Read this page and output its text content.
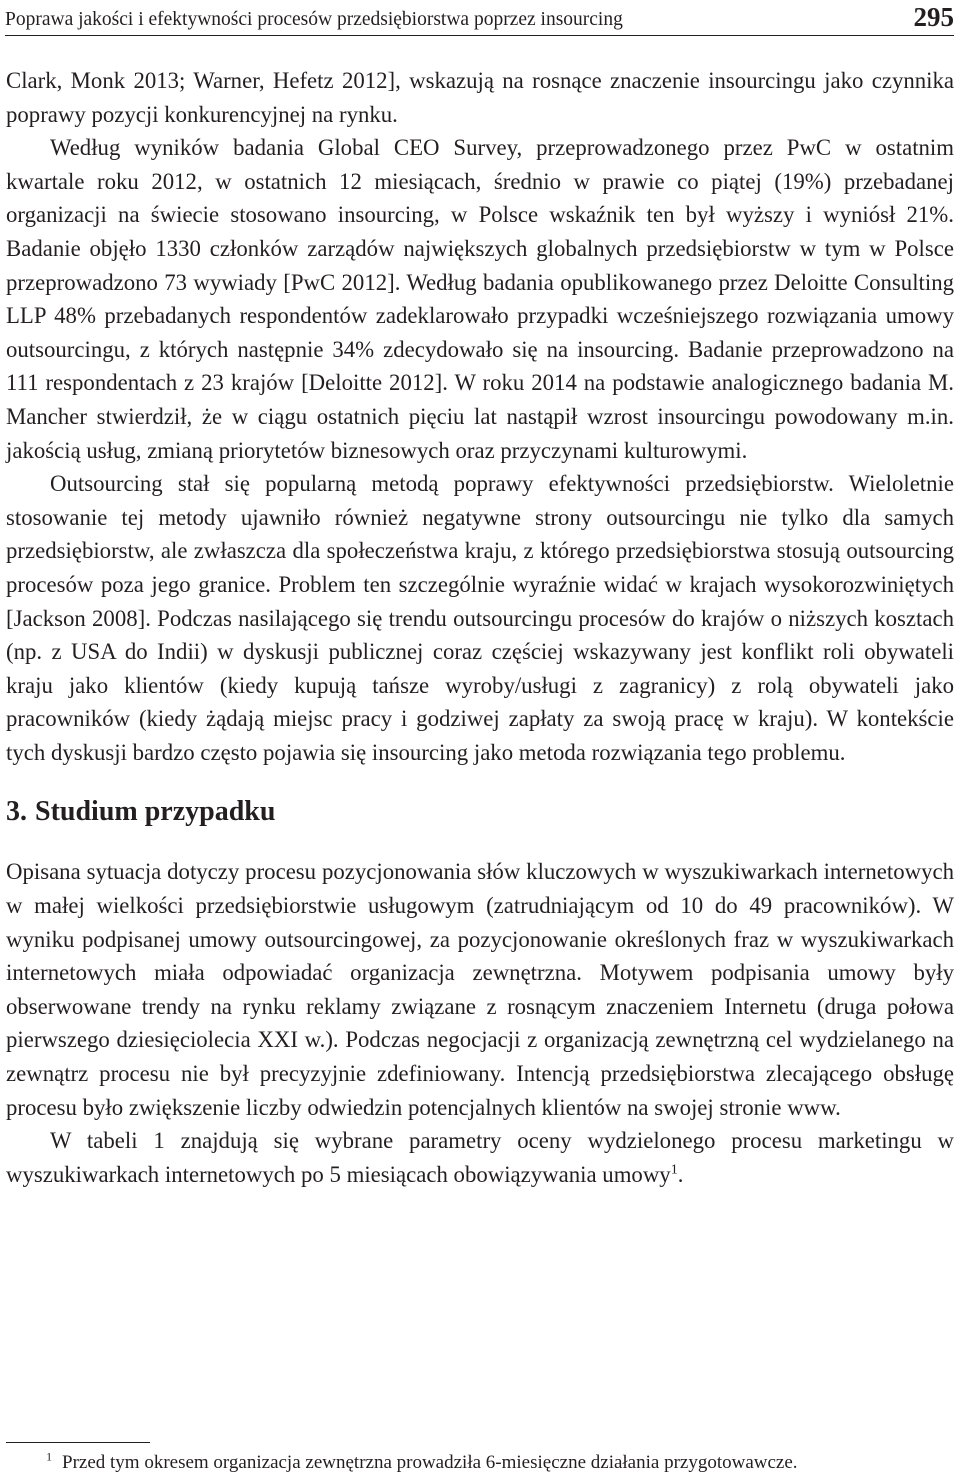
Poprawa jakości i efektywności procesów przedsiębiorstwa poprzez insourcing	295

Clark, Monk 2013; Warner, Hefetz 2012], wskazują na rosnące znaczenie insourcingu jako czynnika poprawy pozycji konkurencyjnej na rynku.

Według wyników badania Global CEO Survey, przeprowadzonego przez PwC w ostatnim kwartale roku 2012, w ostatnich 12 miesiącach, średnio w prawie co piątej (19%) przebadanej organizacji na świecie stosowano insourcing, w Polsce wskaźnik ten był wyższy i wyniósł 21%. Badanie objęło 1330 członków zarządów największych globalnych przedsiębiorstw w tym w Polsce przeprowadzono 73 wywiady [PwC 2012]. Według badania opublikowanego przez Deloitte Consulting LLP 48% przebadanych respondentów zadeklarowało przypadki wcześniejszego rozwiązania umowy outsourcingu, z których następnie 34% zdecydowało się na insourcing. Badanie przeprowadzono na 111 respondentach z 23 krajów [Deloitte 2012]. W roku 2014 na podstawie analogicznego badania M. Mancher stwierdził, że w ciągu ostatnich pięciu lat nastąpił wzrost insourcingu powodowany m.in. jakością usług, zmianą priorytetów biznesowych oraz przyczynami kulturowymi.

Outsourcing stał się popularną metodą poprawy efektywności przedsiębiorstw. Wieloletnie stosowanie tej metody ujawniło również negatywne strony outsourcingu nie tylko dla samych przedsiębiorstw, ale zwłaszcza dla społeczeństwa kraju, z którego przedsiębiorstwa stosują outsourcing procesów poza jego granice. Problem ten szczególnie wyraźnie widać w krajach wysokorozwiniętych [Jackson 2008]. Podczas nasilającego się trendu outsourcingu procesów do krajów o niższych kosztach (np. z USA do Indii) w dyskusji publicznej coraz częściej wskazywany jest konflikt roli obywateli kraju jako klientów (kiedy kupują tańsze wyroby/usługi z zagranicy) z rolą obywateli jako pracowników (kiedy żądają miejsc pracy i godziwej zapłaty za swoją pracę w kraju). W kontekście tych dyskusji bardzo często pojawia się insourcing jako metoda rozwiązania tego problemu.

3. Studium przypadku

Opisana sytuacja dotyczy procesu pozycjonowania słów kluczowych w wyszukiwarkach internetowych w małej wielkości przedsiębiorstwie usługowym (zatrudniającym od 10 do 49 pracowników). W wyniku podpisanej umowy outsourcingowej, za pozycjonowanie określonych fraz w wyszukiwarkach internetowych miała odpowiadać organizacja zewnętrzna. Motywem podpisania umowy były obserwowane trendy na rynku reklamy związane z rosnącym znaczeniem Internetu (druga połowa pierwszego dziesięciolecia XXI w.). Podczas negocjacji z organizacją zewnętrzną cel wydzielanego na zewnątrz procesu nie był precyzyjnie zdefiniowany. Intencją przedsiębiorstwa zlecającego obsługę procesu było zwiększenie liczby odwiedzin potencjalnych klientów na swojej stronie www.

W tabeli 1 znajdują się wybrane parametry oceny wydzielonego procesu marketingu w wyszukiwarkach internetowych po 5 miesiącach obowiązywania umowy$^1$.

$^1$ Przed tym okresem organizacja zewnętrzna prowadziła 6-miesięczne działania przygotowawcze.
